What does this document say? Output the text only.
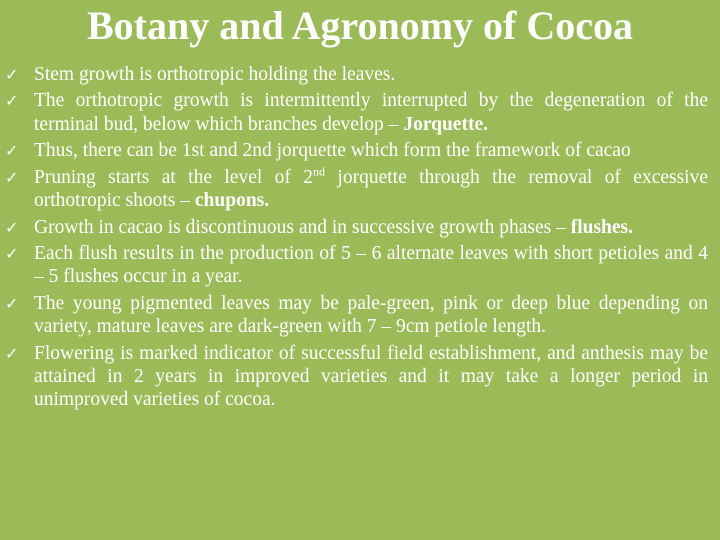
Botany and Agronomy of Cocoa
✓ Stem growth is orthotropic holding the leaves.
✓ The orthotropic growth is intermittently interrupted by the degeneration of the terminal bud, below which branches develop – Jorquette.
✓ Thus, there can be 1st and 2nd jorquette which form the framework of cacao
✓ Pruning starts at the level of 2nd jorquette through the removal of excessive orthotropic shoots – chupons.
✓ Growth in cacao is discontinuous and in successive growth phases – flushes.
✓ Each flush results in the production of 5 – 6 alternate leaves with short petioles and 4 – 5 flushes occur in a year.
✓ The young pigmented leaves may be pale-green, pink or deep blue depending on variety, mature leaves are dark-green with 7 – 9cm petiole length.
✓ Flowering is marked indicator of successful field establishment, and anthesis may be attained in 2 years in improved varieties and it may take a longer period in unimproved varieties of cocoa.
